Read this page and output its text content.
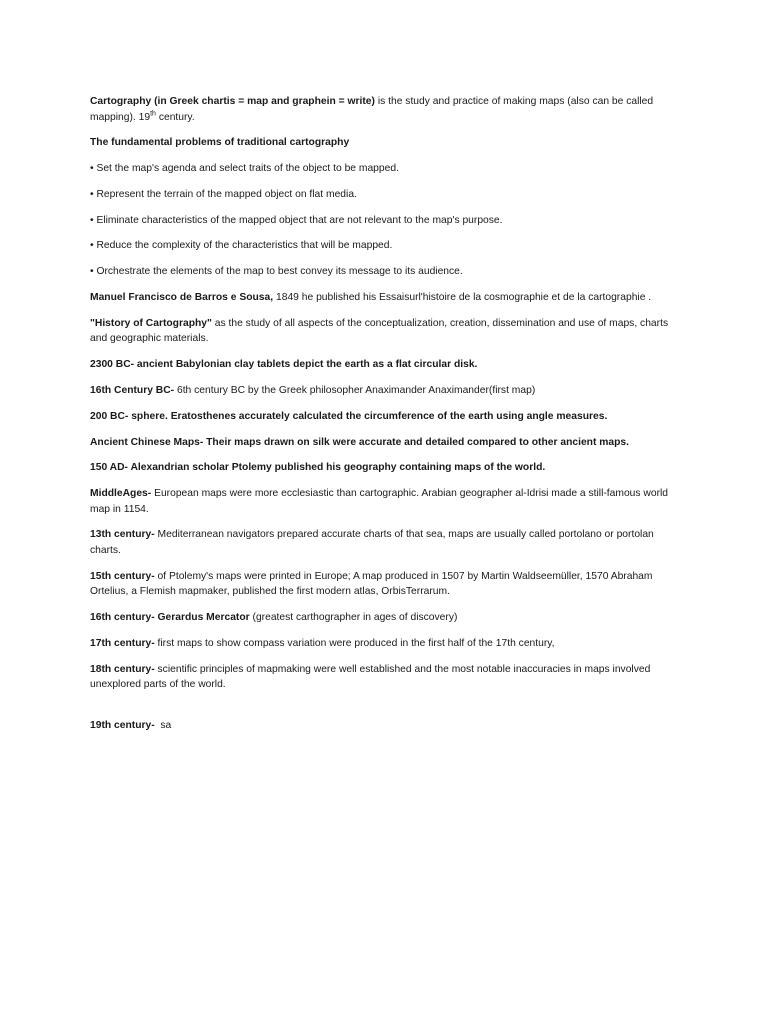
Cartography (in Greek chartis = map and graphein = write) is the study and practice of making maps (also can be called mapping). 19th century.

The fundamental problems of traditional cartography

• Set the map's agenda and select traits of the object to be mapped.

• Represent the terrain of the mapped object on flat media.

• Eliminate characteristics of the mapped object that are not relevant to the map's purpose.

• Reduce the complexity of the characteristics that will be mapped.

• Orchestrate the elements of the map to best convey its message to its audience.

Manuel Francisco de Barros e Sousa, 1849 he published his Essaisurl'histoire de la cosmographie et de la cartographie .

"History of Cartography" as the study of all aspects of the conceptualization, creation, dissemination and use of maps, charts and geographic materials.

2300 BC- ancient Babylonian clay tablets depict the earth as a flat circular disk.

16th Century BC- 6th century BC by the Greek philosopher Anaximander Anaximander(first map)

200 BC- sphere. Eratosthenes accurately calculated the circumference of the earth using angle measures.

Ancient Chinese Maps- Their maps drawn on silk were accurate and detailed compared to other ancient maps.

150 AD- Alexandrian scholar Ptolemy published his geography containing maps of the world.

MiddleAges- European maps were more ecclesiastic than cartographic. Arabian geographer al-Idrisi made a still-famous world map in 1154.

13th century- Mediterranean navigators prepared accurate charts of that sea, maps are usually called portolano or portolan charts.

15th century- of Ptolemy's maps were printed in Europe; A map produced in 1507 by Martin Waldseemüller, 1570 Abraham Ortelius, a Flemish mapmaker, published the first modern atlas, OrbisTerrarum.

16th century- Gerardus Mercator (greatest carthographer in ages of discovery)

17th century- first maps to show compass variation were produced in the first half of the 17th century,

18th century- scientific principles of mapmaking were well established and the most notable inaccuracies in maps involved unexplored parts of the world.

19th century-  sa
